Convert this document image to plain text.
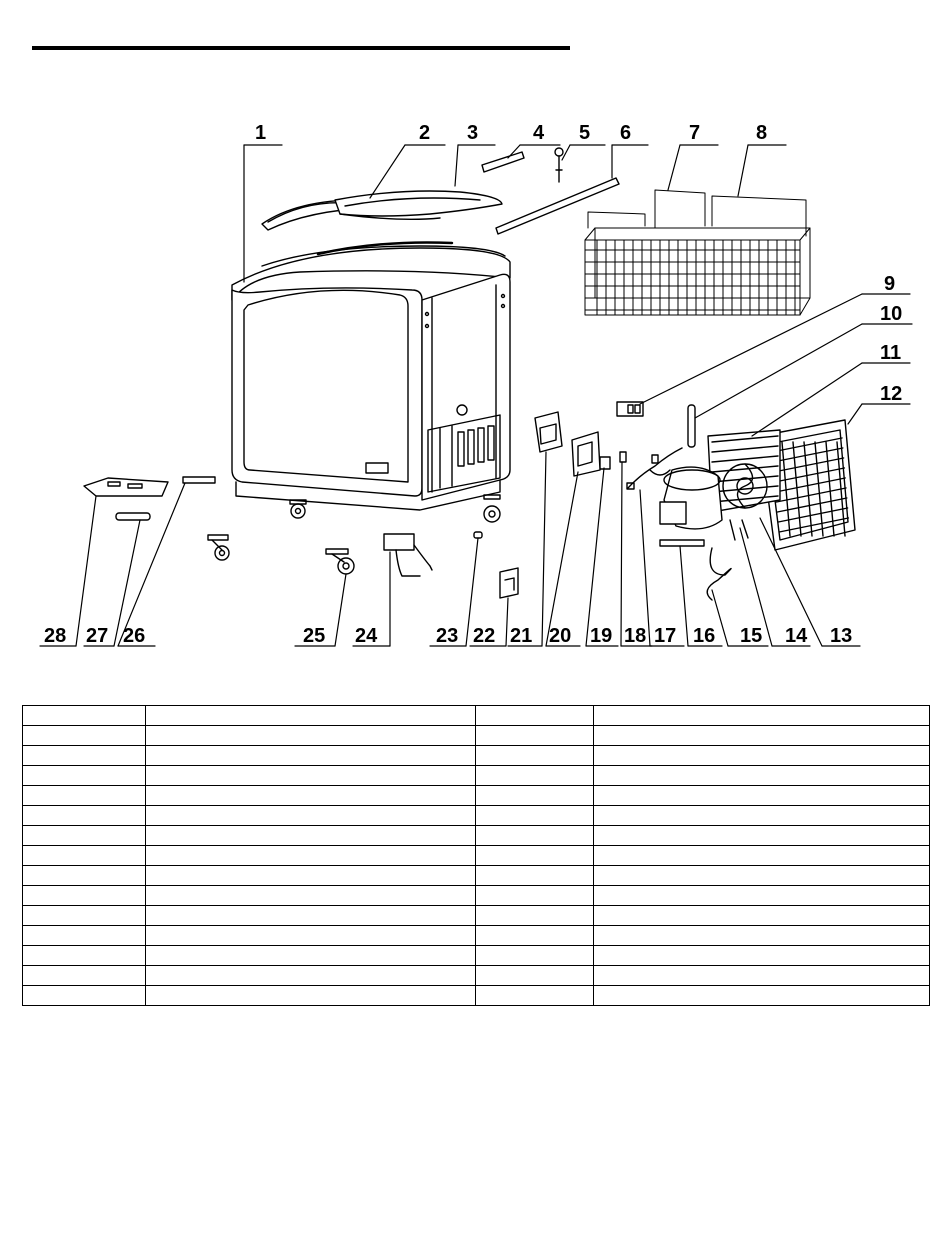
1	2 3	4 5 6	7	8
9
10
11
12
13
14
15
16
17
18
19
20
21
22
23
24
25
26
27
28
